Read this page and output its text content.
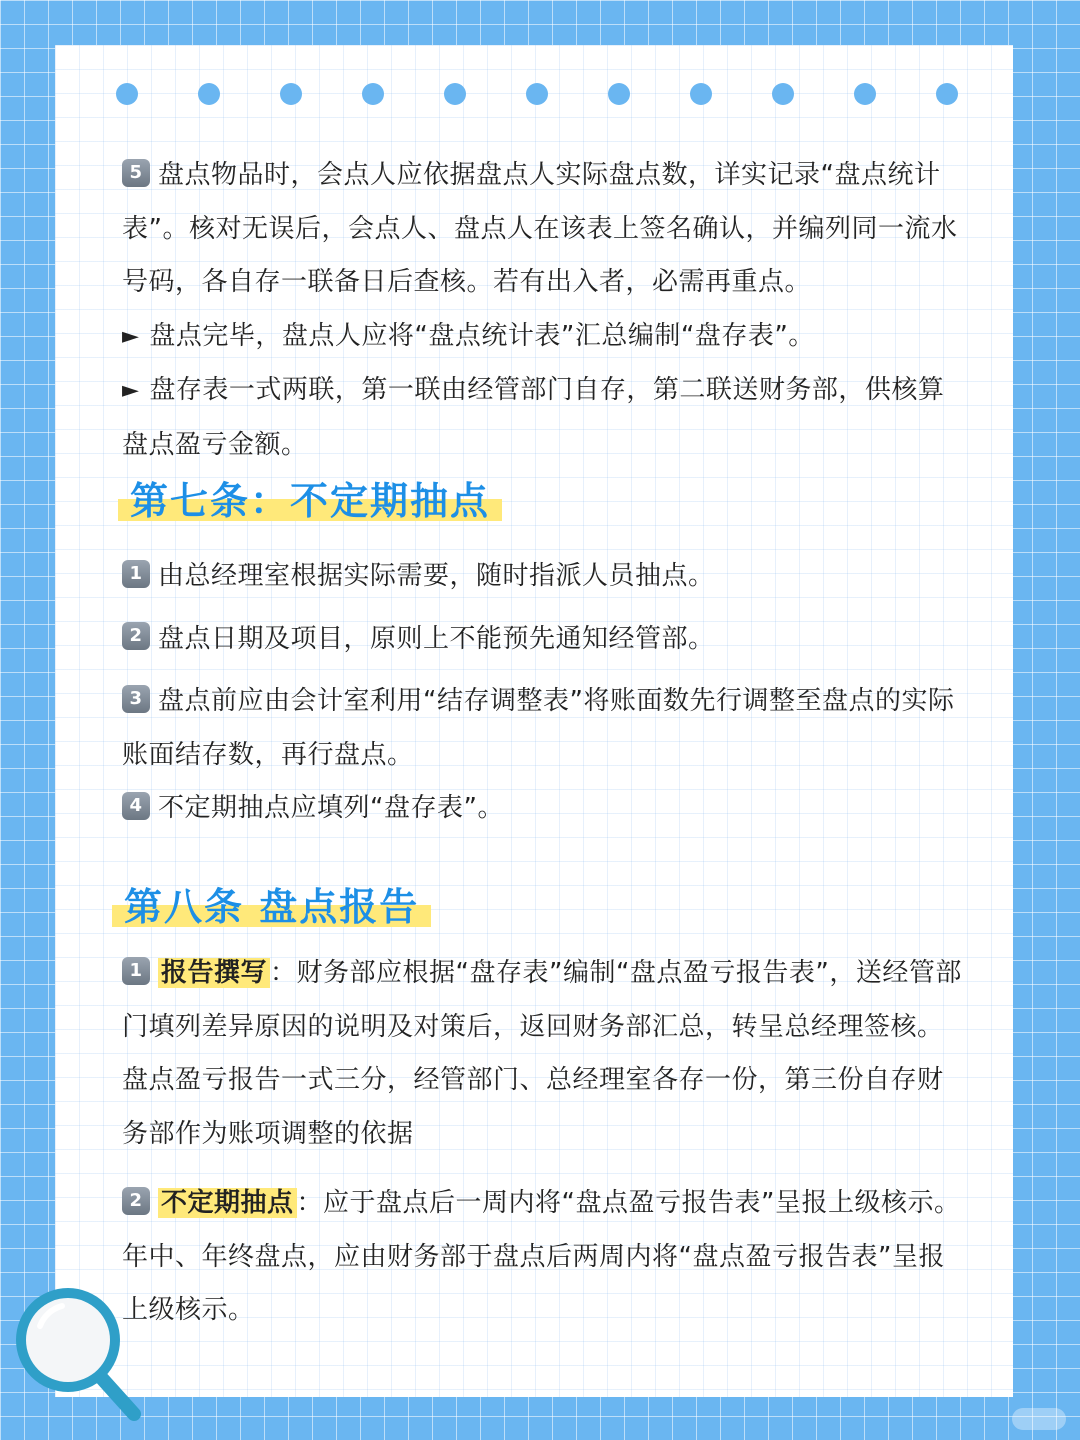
5 盘点物品时，会点人应依据盘点人实际盘点数，详实记录“盘点统计表”。核对无误后，会点人、盘点人在该表上签名确认，并编列同一流水号码，各自存一联备日后查核。若有出入者，必需再重点。

► 盘点完毕，盘点人应将“盘点统计表”汇总编制“盘存表”。

► 盘存表一式两联，第一联由经管部门自存，第二联送财务部，供核算盘点盈亏金额。

第七条：不定期抽点

1 由总经理室根据实际需要，随时指派人员抽点。

2 盘点日期及项目，原则上不能预先通知经管部。

3 盘点前应由会计室利用“结存调整表”将账面数先行调整至盘点的实际账面结存数，再行盘点。

4 不定期抽点应填列“盘存表”。

第八条 盘点报告

1 报告撰写 ：财务部应根据“盘存表”编制“盘点盈亏报告表”，送经管部门填列差异原因的说明及对策后，返回财务部汇总，转呈总经理签核。盘点盈亏报告一式三分，经管部门、总经理室各存一份，第三份自存财务部作为账项调整的依据

2 不定期抽点 ：应于盘点后一周内将“盘点盈亏报告表”呈报上级核示。年中、年终盘点，应由财务部于盘点后两周内将“盘点盈亏报告表”呈报上级核示。
